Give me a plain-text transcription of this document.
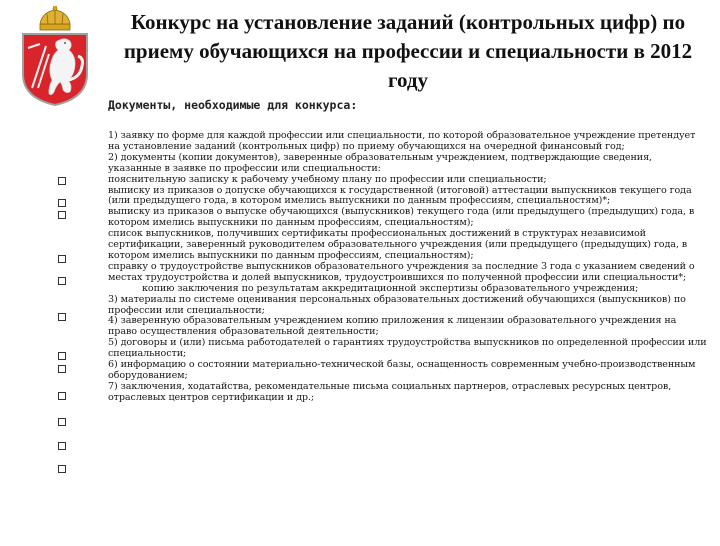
Конкурс на установление заданий (контрольных цифр) по приему обучающихся на профессии и специальности в 2012 году
Документы, необходимые для конкурса:

1) заявку по форме для каждой профессии или специальности, по которой образовательное учреждение претендует на установление заданий (контрольных цифр) по приему обучающихся на очередной финансовый год;

2) документы (копии документов), заверенные образовательным учреждением, подтверждающие сведения, указанные в заявке по профессии или специальности:

пояснительную записку к рабочему учебному плану по профессии или специальности;

выписку из приказов о допуске обучающихся к государственной (итоговой) аттестации выпускников текущего года (или предыдущего года, в котором имелись выпускники по данным профессиям, специальностям)*;

выписку из приказов о выпуске обучающихся (выпускников) текущего года (или предыдущего (предыдущих) года, в котором имелись выпускники по данным профессиям, специальностям);

список выпускников, получивших сертификаты профессиональных достижений в структурах независимой сертификации, заверенный руководителем образовательного учреждения (или предыдущего (предыдущих) года, в котором имелись выпускники по данным профессиям, специальностям);

справку о трудоустройстве выпускников образовательного учреждения за последние 3 года с указанием сведений о местах трудоустройства и долей выпускников, трудоустроившихся по полученной профессии или специальности*;

копию заключения по результатам аккредитационной экспертизы образовательного учреждения;

3) материалы по системе оценивания персональных образовательных достижений обучающихся (выпускников) по профессии или специальности;

4) заверенную образовательным учреждением копию приложения к лицензии образовательного учреждения на право осуществления образовательной деятельности;

5) договоры и (или) письма работодателей о гарантиях трудоустройства выпускников по определенной профессии или специальности;

6) информацию о состоянии материально-технической базы, оснащенность современным учебно-производственным оборудованием;

7) заключения, ходатайства, рекомендательные письма социальных партнеров, отраслевых ресурсных центров, отраслевых центров сертификации и др.;
